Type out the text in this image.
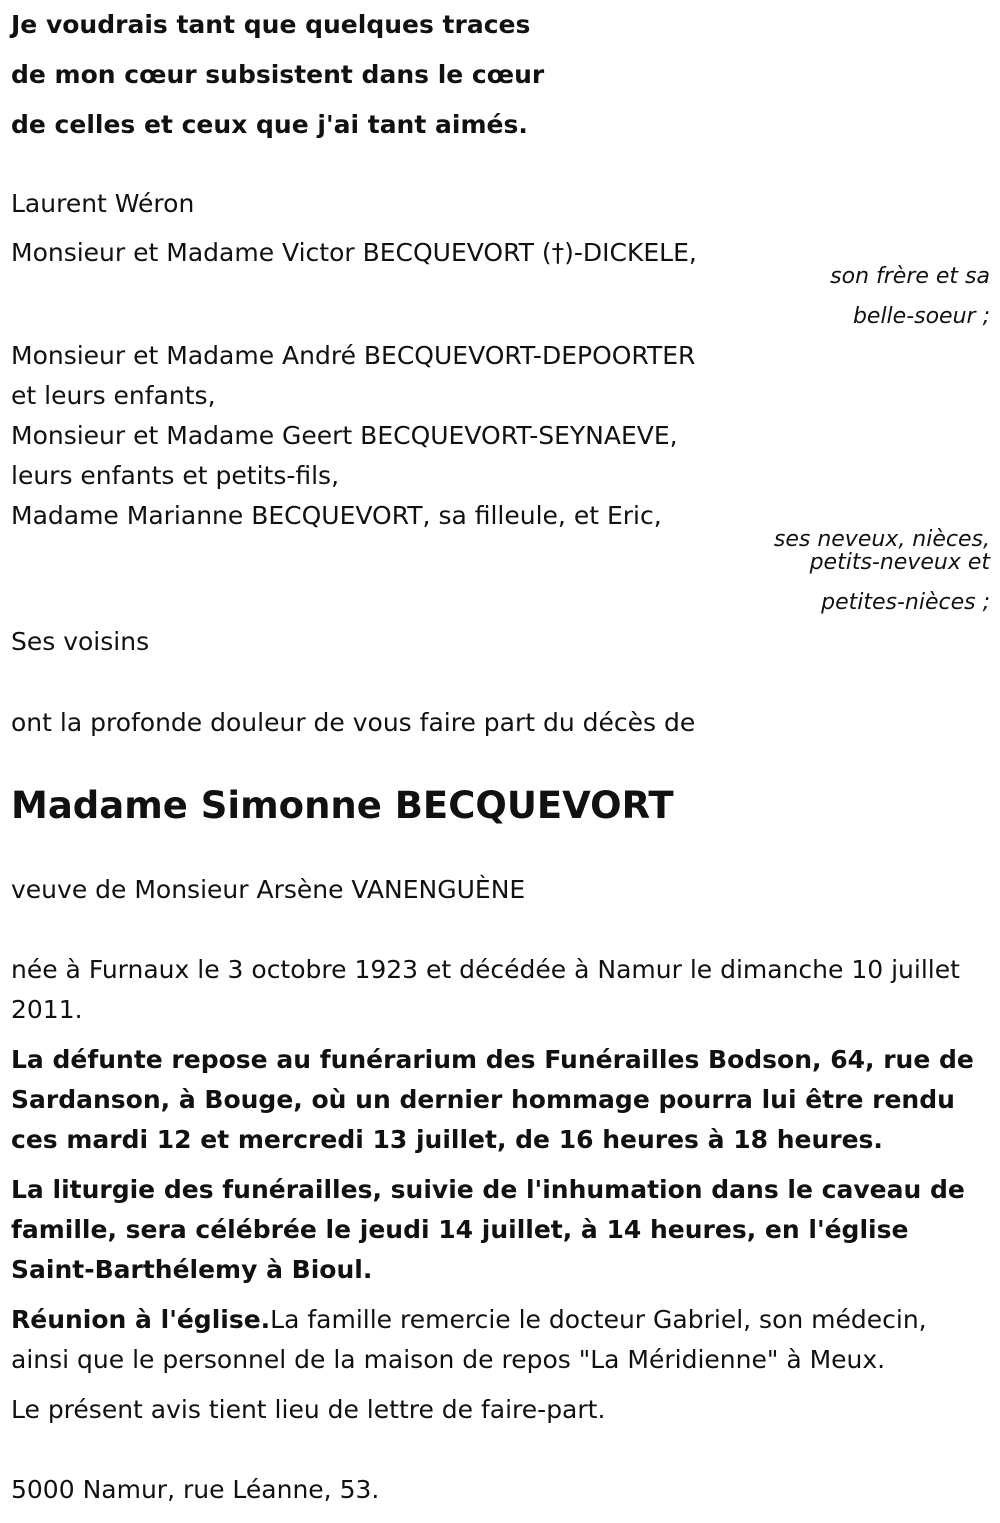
Je voudrais tant que quelques traces
de mon cœur subsistent dans le cœur
de celles et ceux que j'ai tant aimés.
Laurent Wéron
Monsieur et Madame Victor BECQUEVORT (†)-DICKELE,
son frère et sa
belle-soeur ;
Monsieur et Madame André BECQUEVORT-DEPOORTER
et leurs enfants,
Monsieur et Madame Geert BECQUEVORT-SEYNAEVE,
leurs enfants et petits-fils,
Madame Marianne BECQUEVORT, sa filleule, et Eric,
ses neveux, nièces,
petits-neveux et
petites-nièces ;
Ses voisins
ont la profonde douleur de vous faire part du décès de
Madame Simonne BECQUEVORT
veuve de Monsieur Arsène VANENGUÈNE

née à Furnaux le 3 octobre 1923 et décédée à Namur le dimanche 10 juillet 2011.

La défunte repose au funérarium des Funérailles Bodson, 64, rue de Sardanson, à Bouge, où un dernier hommage pourra lui être rendu ces mardi 12 et mercredi 13 juillet, de 16 heures à 18 heures.

La liturgie des funérailles, suivie de l'inhumation dans le caveau de famille, sera célébrée le jeudi 14 juillet, à 14 heures, en l'église Saint-Barthélemy à Bioul.

Réunion à l'église.La famille remercie le docteur Gabriel, son médecin, ainsi que le personnel de la maison de repos "La Méridienne" à Meux.

Le présent avis tient lieu de lettre de faire-part.
5000 Namur, rue Léanne, 53.
